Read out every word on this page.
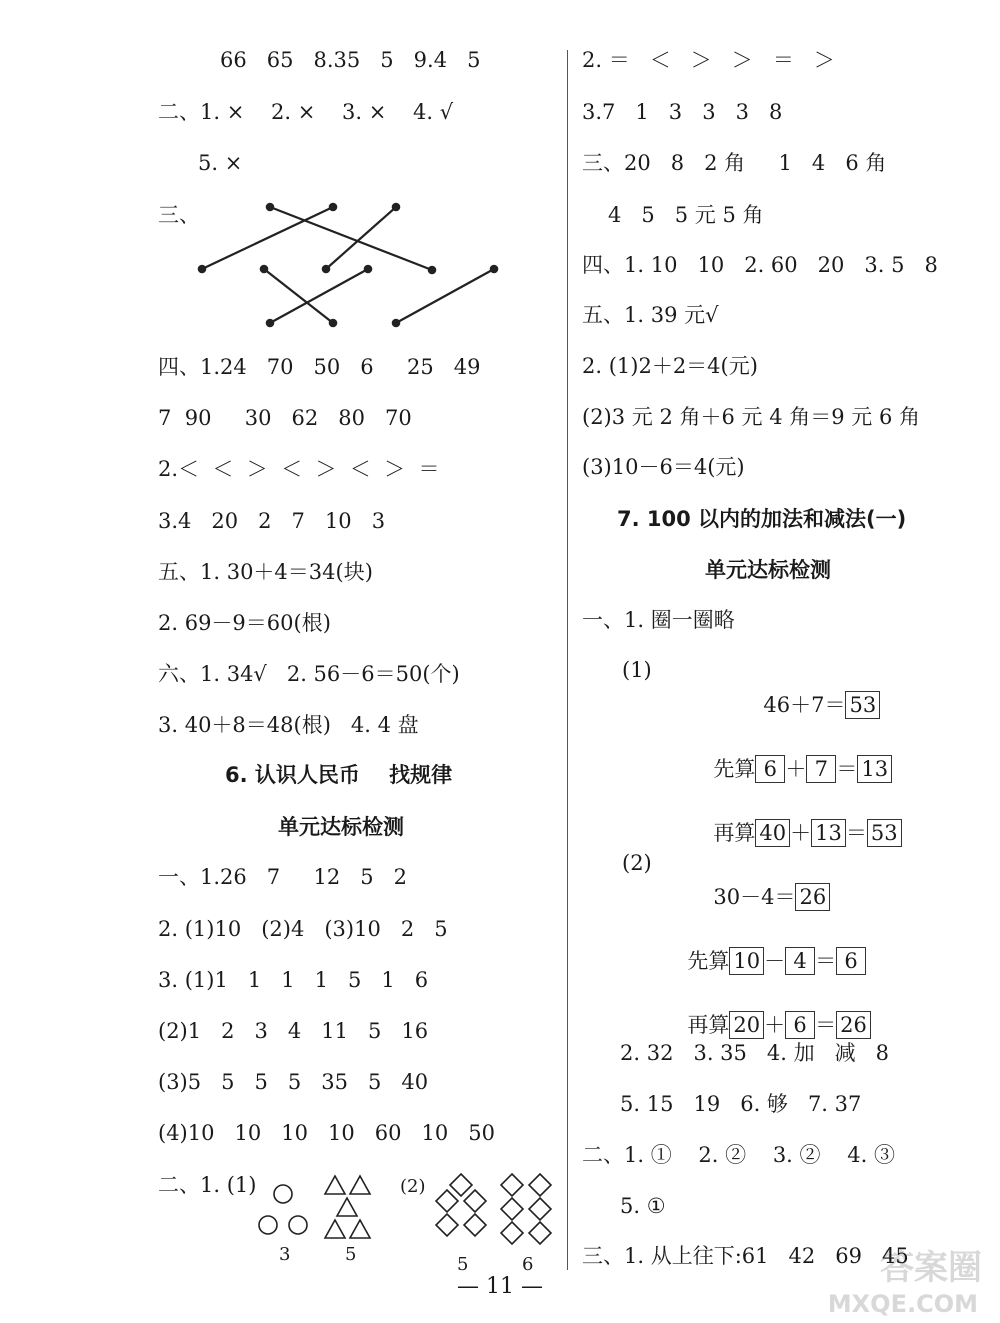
46＋7＝ 53

先算 6 ＋ 7 ＝ 13

再算 40 ＋ 13 ＝ 53

30－4＝ 26

先算 10 － 4 ＝ 6

再算 20 ＋ 6 ＝ 26

— 11 —	答案圈
MXQE.COM
66   65   8.35   5   9.4   5
二、1. ×    2. ×    3. ×    4. √
5. ×
三、
四、1.24   70   50   6     25   49
7  90     30   62   80   70
2.＜  ＜  ＞  ＜  ＞  ＜  ＞  ＝
3.4   20   2   7   10   3
五、1. 30＋4＝34(块)
2. 69－9＝60(根)
六、1. 34√   2. 56－6＝50(个)
3. 40＋8＝48(根)   4. 4 盘
一、1.26   7     12   5   2
2. (1)10   (2)4   (3)10   2   5
3. (1)1   1   1   1   5   1   6
(2)1   2   3   4   11   5   16
(3)5   5   5   5   35   5   40
(4)10   10   10   10   60   10   50
二、1. (1)
2. ＝   ＜   ＞   ＞   ＝   ＞
3.7   1   3   3   3   8
三、20   8   2 角     1   4   6 角
4   5   5 元 5 角
四、1. 10   10   2. 60   20   3. 5   8
五、1. 39 元√
2. (1)2＋2＝4(元)
(2)3 元 2 角＋6 元 4 角＝9 元 6 角
(3)10－6＝4(元)
一、1. 圈一圈略
(1)
(2)
2. 32   3. 35   4. 加   减   8
5. 15   19   6. 够   7. 37
二、1. ①    2. ②    3. ②    4. ③
5. ①
三、1. 从上往下:61   42   69   45
6. 认识人民币    找规律
单元达标检测
7. 100 以内的加法和减法(一)
单元达标检测
(2)
3	5	5	6
